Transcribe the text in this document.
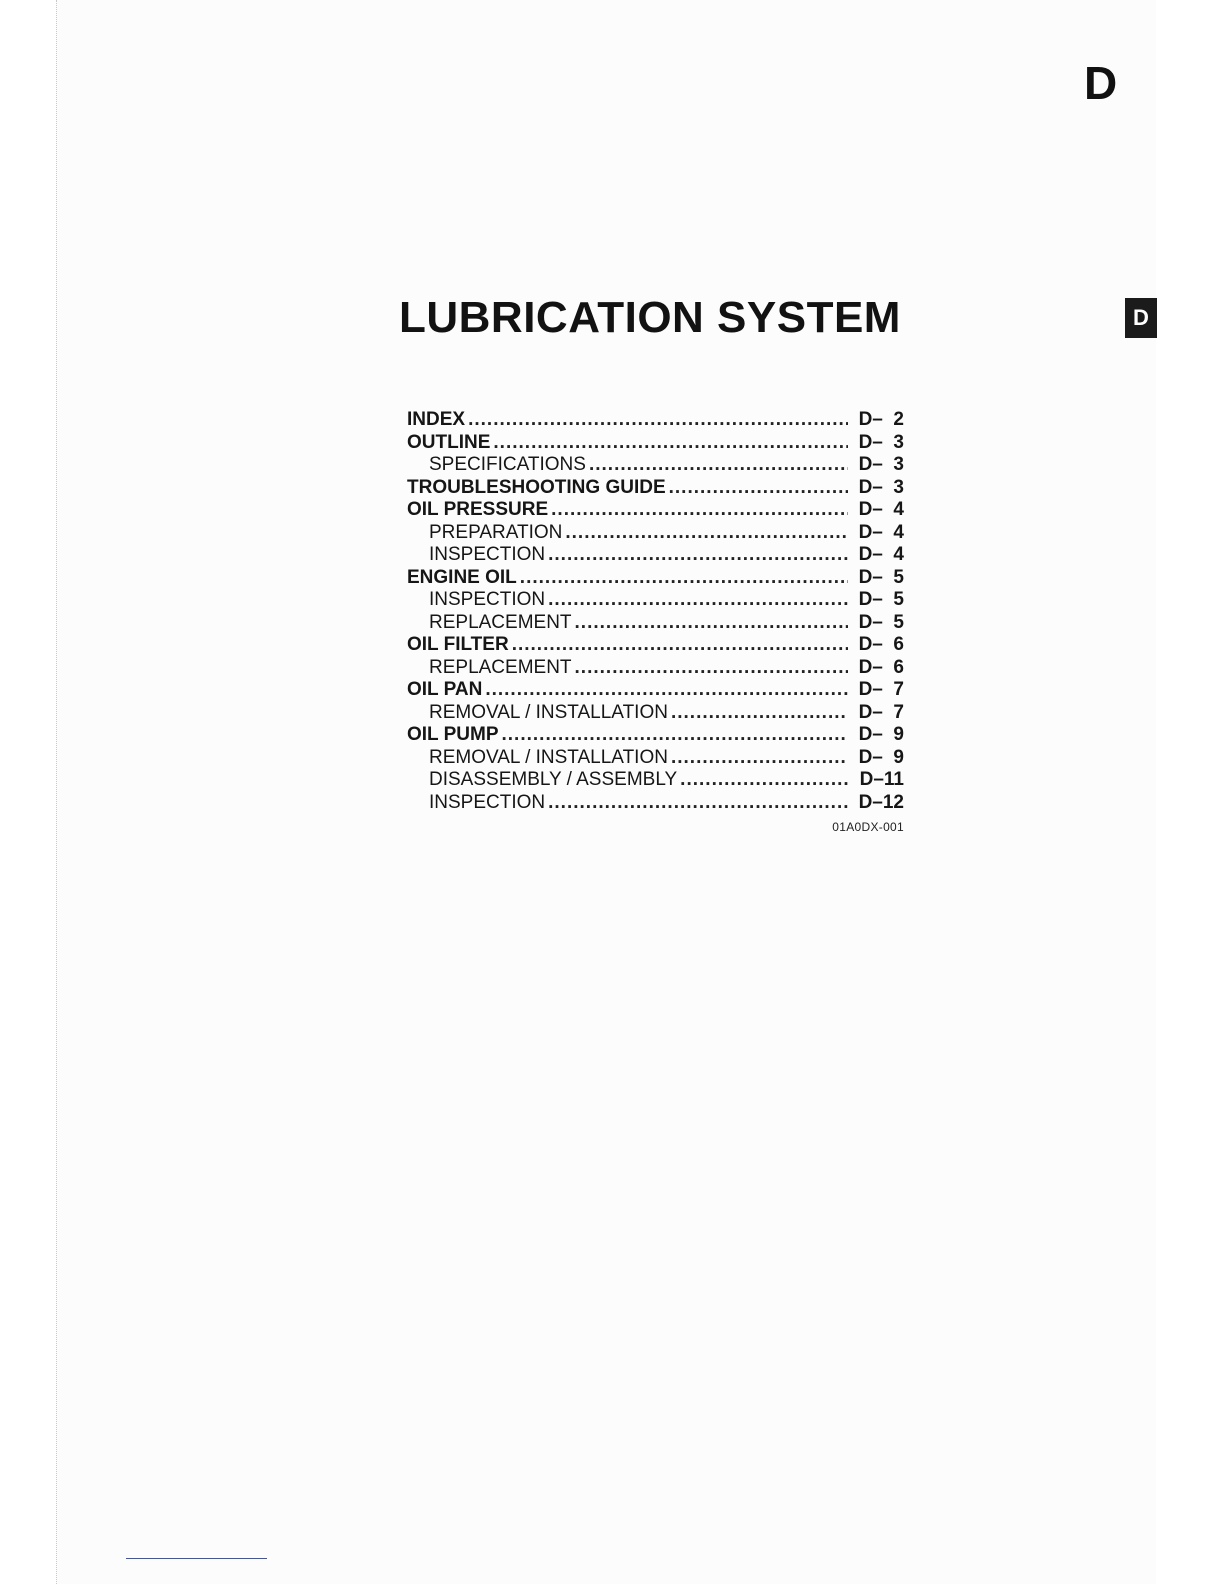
D
D
LUBRICATION SYSTEM
INDEX .....	D–  2
OUTLINE .....	D–  3
SPECIFICATIONS .....	D–  3
TROUBLESHOOTING GUIDE .....	D–  3
OIL PRESSURE .....	D–  4
PREPARATION .....	D–  4
INSPECTION .....	D–  4
ENGINE OIL .....	D–  5
INSPECTION .....	D–  5
REPLACEMENT .....	D–  5
OIL FILTER .....	D–  6
REPLACEMENT .....	D–  6
OIL PAN .....	D–  7
REMOVAL / INSTALLATION .....	D–  7
OIL PUMP .....	D–  9
REMOVAL / INSTALLATION .....	D–  9
DISASSEMBLY / ASSEMBLY .....	D–11
INSPECTION .....	D–12
01A0DX-001
